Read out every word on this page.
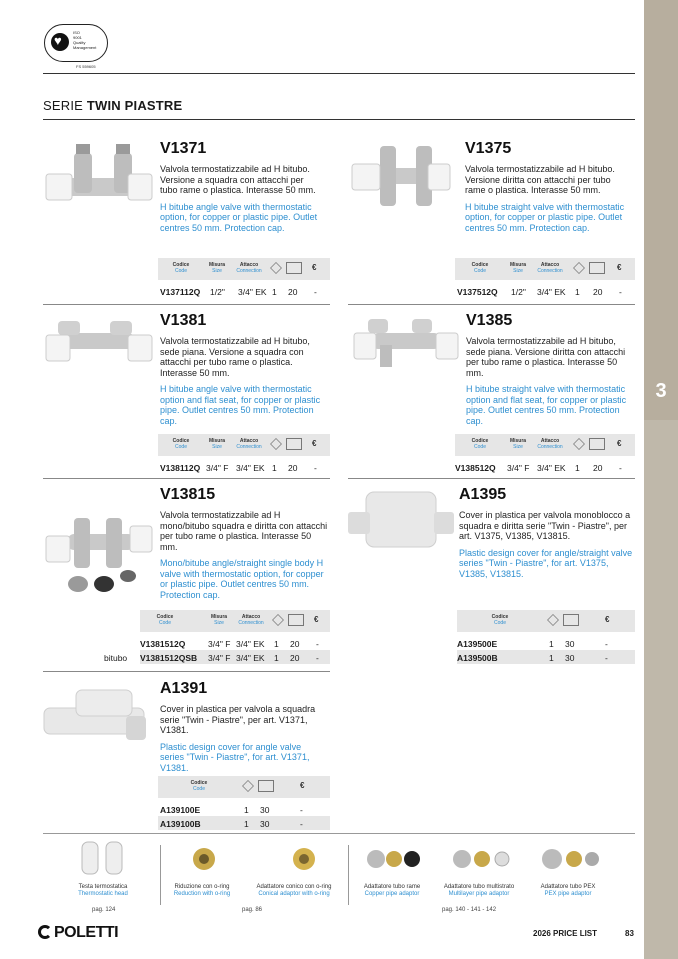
3
♥
ISO
9001
Quality
Management
FS 559605
SERIE TWIN PIASTRE
V1371
Valvola termostatizzabile ad H bitubo. Versione a squadra con attacchi per tubo rame o plastica. Interasse 50 mm.
H bitube angle valve with thermostatic option, for copper or plastic pipe. Outlet centres 50 mm. Protection cap.
V1375
Valvola termostatizzabile ad H bitubo. Versione diritta con attacchi per tubo rame o plastica. Interasse 50 mm.
H bitube straight valve with thermostatic option, for copper or plastic pipe. Outlet centres 50 mm. Protection cap.
V1381
Valvola termostatizzabile ad H bitubo, sede piana. Versione a squadra con attacchi per tubo rame o plastica. Interasse 50 mm.
H bitube angle valve with thermostatic option and flat seat, for copper or plastic pipe. Outlet centres 50 mm. Protection cap.
V1385
Valvola termostatizzabile ad H bitubo, sede piana. Versione diritta con attacchi per tubo rame o plastica. Interasse 50 mm.
H bitube straight valve with thermostatic option and flat seat, for copper or plastic pipe. Outlet centres 50 mm. Protection cap.
V13815
Valvola termostatizzabile ad H mono/bitubo squadra e diritta con attacchi per tubo rame o plastica. Interasse 50 mm.
Mono/bitube angle/straight single body H valve with thermostatic option, for copper or plastic pipe. Outlet centres 50 mm. Protection cap.
A1395
Cover in plastica per valvola monoblocco a squadra e diritta serie "Twin - Piastre", per art. V1375, V1385, V13815.
Plastic design cover for angle/straight valve series "Twin - Piastre", for art. V1375, V1385, V13815.
A1391
Cover in plastica per valvola a squadra serie "Twin - Piastre", per art. V1371, V1381.
Plastic design cover for angle valve series "Twin - Piastre", for art. V1371, V1381.
Codice
Code
Misura
Size
Attacco
Connection	€
V137112Q 1/2" 3/4" EK 1 20 -
Codice
Code
Misura
Size
Attacco
Connection	€
V137512Q 1/2" 3/4" EK 1 20 -
Codice
Code
Misura
Size
Attacco
Connection	€
V138112Q 3/4" F 3/4" EK 1 20 -
Codice
Code
Misura
Size
Attacco
Connection	€
V138512Q 3/4" F 3/4" EK 1 20 -
Codice
Code
Misura
Size
Attacco
Connection	€
V1381512Q	3/4" F 3/4" EK 1 20 -
bitubo V1381512QSB 3/4" F 3/4" EK 1 20 -
Codice
Code	€
A139500E	1 30	-
A139500B	1 30	-
Codice
Code	€
A139100E	1 30	-
A139100B	1 30	-
Testa termostatica
Thermostatic head
Riduzione con o-ring
Reduction with o-ring
Adattatore conico con o-ring
Conical adaptor with o-ring
Adattatore tubo rame
Copper pipe adaptor
Adattatore tubo multistrato
Multilayer pipe adaptor
Adattatore tubo PEX
PEX pipe adaptor
pag. 124	pag. 86	pag. 140 - 141 - 142
POLETTI	2026 PRICE LIST	83
